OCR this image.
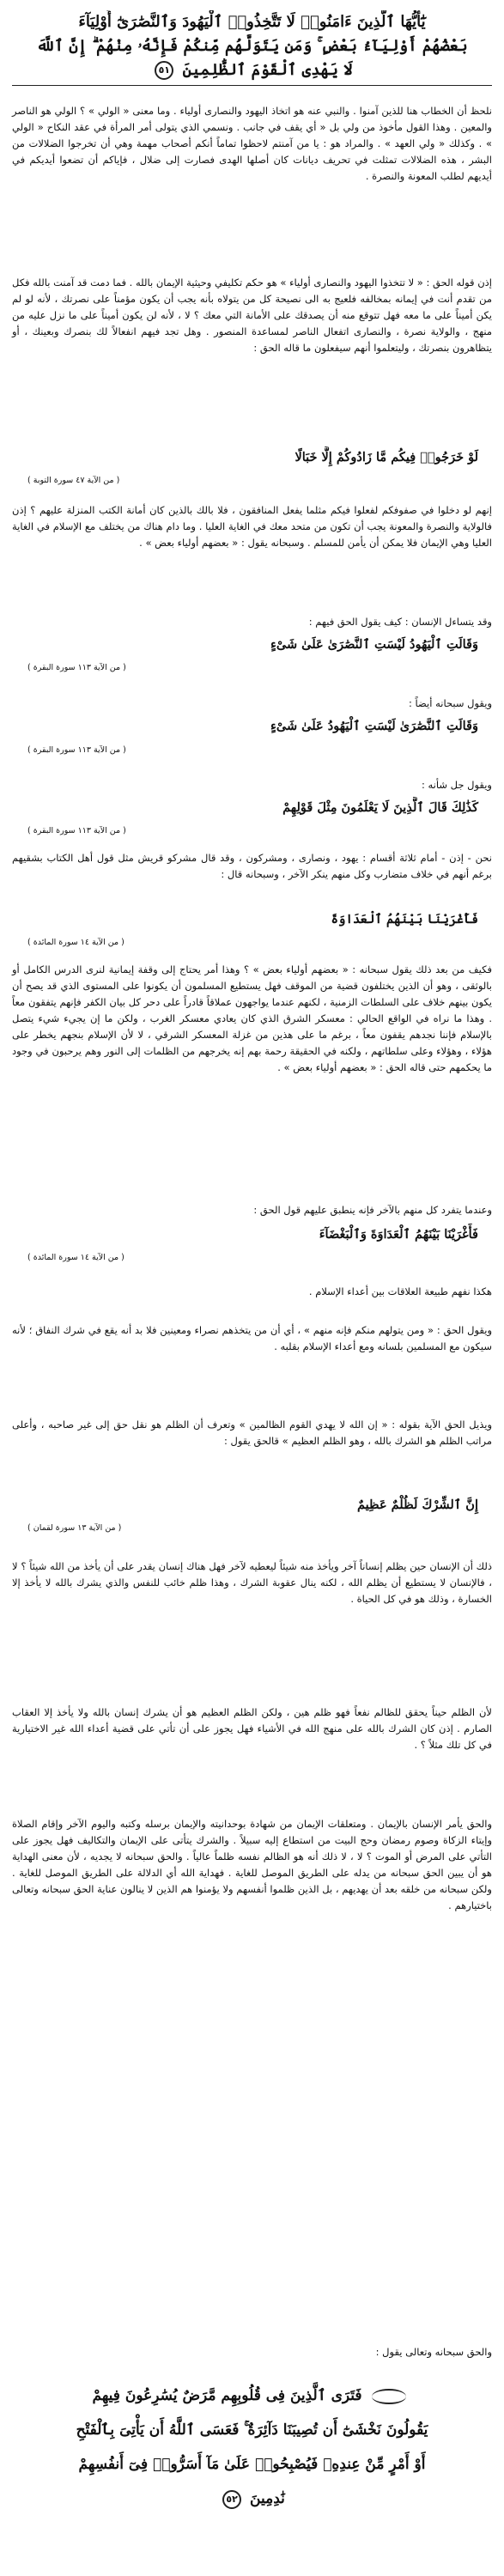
يَٰٓأَيُّهَا ٱلَّذِينَ ءَامَنُوا۟ لَا تَتَّخِذُوا۟ ٱلْيَهُودَ وَٱلنَّصَٰرَىٰٓ أَوْلِيَآءَ
بَعْضُهُمْ أَوْلِيَآءُ بَعْضٍ ۚ وَمَن يَتَوَلَّهُم مِّنكُمْ فَإِنَّهُۥ مِنْهُمْ ۗ إِنَّ ٱللَّهَ
لَا يَهْدِى ٱلْقَوْمَ ٱلظَّٰلِمِينَ ٥١

نلحظ أن الخطاب هنا للذين آمنوا . والنبي عنه هو اتخاذ اليهود والنصارى أولياء . وما معنى « الولي » ؟ الولي هو الناصر والمعين . وهذا القول مأخوذ من ولي بل « أي يقف في جانب . ونسمي الذي يتولى أمر المرأة في عقد النكاح « الولي » . وكذلك « ولي العهد » . والمراد هو : يا من آمنتم لاحظوا تماماً أنكم أصحاب مهمة وهي أن تخرجوا الضلالات من البشر ، هذه الضلالات تمثلت في تحريف ديانات كان أصلها الهدى فصارت إلى ضلال ، فإياكم أن تضعوا أيديكم في أيديهم لطلب المعونة والنصرة .

إذن قوله الحق : « لا تتخذوا اليهود والنصارى أولياء » هو حكم تكليفي وحيثية الإيمان بالله . فما دمت قد آمنت بالله فكل من تقدم أنت في إيمانه بمخالفه فلعيج به الى نصيحة كل من يتولاه بأنه يجب أن يكون مؤمناً على نصرتك ، لأنه لو لم يكن أميناً على ما معه فهل تتوقع منه أن يصدقك على الأمانة التي معك ؟ لا ، لأنه لن يكون أميناً على ما نزل عليه من منهج ، والولاية نصرة ، والنصارى اتفعال الناصر لمساعدة المنصور . وهل تجد فيهم انفعالاً لك بنصرك وبعينك ، أو يتظاهرون بنصرتك ، وليتعلموا أنهم سيفعلون ما قاله الحق :

لَوْ خَرَجُوا۟ فِيكُم مَّا زَادُوكُمْ إِلَّا خَبَالًا
( من الآية ٤٧ سورة التوبة )

إنهم لو دخلوا في صفوفكم لفعلوا فيكم مثلما يفعل المنافقون ، فلا بالك بالذين كان أمانة الكتب المنزلة عليهم ؟ إذن فالولاية والنصرة والمعونة يجب أن تكون من متحد معك في الغاية العليا . وما دام هناك من يختلف مع الإسلام في الغاية العليا وهي الإيمان فلا يمكن أن يأمن للمسلم . وسبحانه يقول : « بعضهم أولياء بعض » .

وقد يتساءل الإنسان : كيف يقول الحق فيهم :

وَقَالَتِ ٱلْيَهُودُ لَيْسَتِ ٱلنَّصَٰرَىٰ عَلَىٰ شَىْءٍ
( من الآية ١١٣ سورة البقرة )

ويقول سبحانه أيضاً :

وَقَالَتِ ٱلنَّصَٰرَىٰ لَيْسَتِ ٱلْيَهُودُ عَلَىٰ شَىْءٍ
( من الآية ١١٣ سورة البقرة )

ويقول جل شأنه :

كَذَٰلِكَ قَالَ ٱلَّذِينَ لَا يَعْلَمُونَ مِثْلَ قَوْلِهِمْ
( من الآية ١١٣ سورة البقرة )

نحن - إذن - أمام ثلاثة أقسام : يهود ، ونصارى ، ومشركون ، وقد قال مشركو قريش مثل قول أهل الكتاب بشقيهم برغم أنهم في خلاف متضارب وكل منهم ينكر الآخر ، وسبحانه قال :

فَأَغْرَيْنَا بَيْنَهُمُ ٱلْعَدَاوَةَ
( من الآية ١٤ سورة المائدة )

فكيف من بعد ذلك يقول سبحانه : « بعضهم أولياء بعض » ؟ وهذا أمر يحتاج إلى وقفة إيمانية لنرى الدرس الكامل أو بالوثقى ، وهو أن الذين يختلفون قضية من الموقف فهل يستطيع المسلمون أن يكونوا على المستوى الذي قد يصح أن يكون بينهم خلاف على السلطات الزمنية ، لكنهم عندما يواجهون عملاقاً قادراً على دحر كل بيان الكفر فإنهم يتفقون معاً . وهذا ما نراه في الواقع الحالي : معسكر الشرق الذي كان يعادي معسكر الغرب ، ولكن ما إن يجيء شيء يتصل بالإسلام فإننا نجدهم يقفون معاً ، برغم ما على هذين من غزلة المعسكر الشرقي ، لا لأن الإسلام بنجهم يخطر على هؤلاء ، وهؤلاء وعلى سلطاتهم ، ولكنه في الحقيقة رحمة بهم إنه يخرجهم من الظلمات إلى النور وهم يرحبون في وجود ما يحكمهم حتى قاله الحق : « بعضهم أولياء بعض » .

وعندما يتفرد كل منهم بالآخر فإنه ينطبق عليهم قول الحق :

فَأَغْرَيْنَا بَيْنَهُمُ ٱلْعَدَاوَةَ وَٱلْبَغْضَآءَ
( من الآية ١٤ سورة المائدة )

هكذا نفهم طبيعة العلاقات بين أعداء الإسلام .

ويقول الحق : « ومن يتولهم منكم فإنه منهم » ، أي أن من يتخذهم نصراء ومعينين فلا بد أنه يقع في شرك النفاق ؛ لأنه سيكون مع المسلمين بلسانه ومع أعداء الإسلام بقلبه .

ويذيل الحق الآية بقوله : « إن الله لا يهدي القوم الظالمين » وتعرف أن الظلم هو نقل حق إلى غير صاحبه ، وأعلى مراتب الظلم هو الشرك بالله ، وهو الظلم العظيم » قالحق يقول :

إِنَّ ٱلشِّرْكَ لَظُلْمٌ عَظِيمٌ
( من الآية ١٣ سورة لقمان )

ذلك أن الإنسان حين يظلم إنساناً آخر ويأخذ منه شيئاً ليعطيه لآخر فهل هناك إنسان يقدر على أن يأخذ من الله شيئاً ؟ لا ، فالإنسان لا يستطيع أن يظلم الله ، لكنه ينال عقوبة الشرك ، وهذا ظلم خائب للنفس والذي يشرك بالله لا يأخذ إلا الخسارة ، وذلك هو في كل الحياة .

لأن الظلم حيناً يحقق للظالم نفعاً فهو ظلم هين ، ولكن الظلم العظيم هو أن يشرك إنسان بالله ولا يأخذ إلا العقاب الصارم . إذن كان الشرك بالله على منهج الله في الأشياء فهل يجوز على أن تأتي على قضية أعداء الله غير الاختيارية في كل تلك مثلاً ؟ .

والحق يأمر الإنسان بالإيمان . ومتعلقات الإيمان من شهادة بوحدانيته والإيمان برسله وكتبه واليوم الآخر وإقام الصلاة وإيتاء الزكاة وصوم رمضان وحج البيت من استطاع إليه سبيلاً . والشرك يتأتى على الإيمان والتكاليف فهل يجوز على التأتي على المرض أو الموت ؟ لا ، لا ذلك أنه هو الظالم نفسه ظلماً عالياً . والحق سبحانه لا يجديه ، لأن معنى الهداية هو أن يبين الحق سبحانه من يدله على الطريق الموصل للغاية . فهداية الله أي الدلالة على الطريق الموصل للغاية . ولكن سبحانه من خلقه بعد أن يهديهم ، بل الذين ظلموا أنفسهم ولا يؤمنوا هم الذين لا ينالون عناية الحق سبحانه وتعالى باختيارهم .

والحق سبحانه وتعالى يقول :

فَتَرَى ٱلَّذِينَ فِى قُلُوبِهِم مَّرَضٌ يُسَٰرِعُونَ فِيهِمْ
يَقُولُونَ نَخْشَىٰٓ أَن تُصِيبَنَا دَآئِرَةٌ ۚ فَعَسَى ٱللَّهُ أَن يَأْتِىَ بِٱلْفَتْحِ
أَوْ أَمْرٍ مِّنْ عِندِهِۦ فَيُصْبِحُوا۟ عَلَىٰ مَآ أَسَرُّوا۟ فِىٓ أَنفُسِهِمْ
نَٰدِمِينَ ٥٢
